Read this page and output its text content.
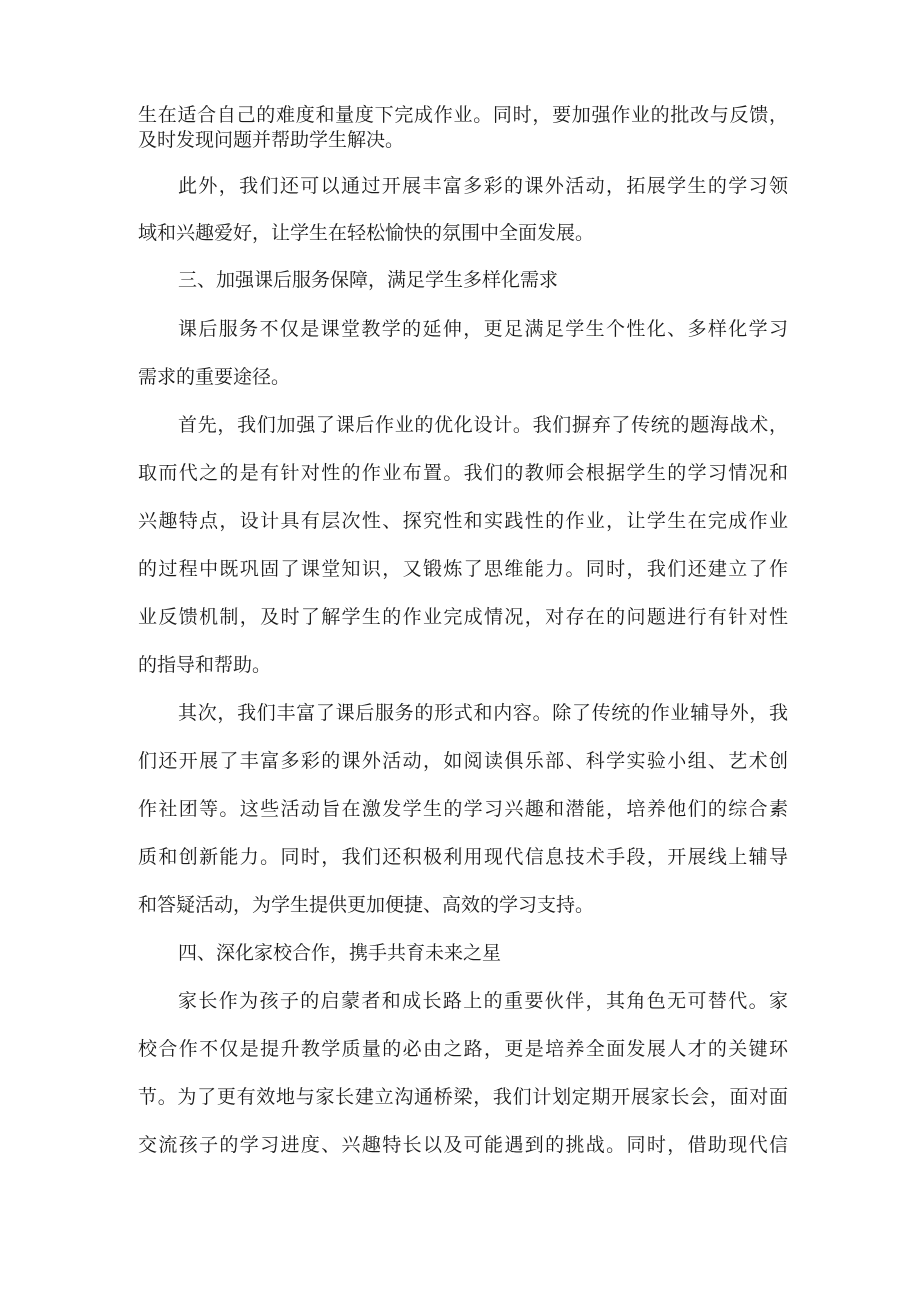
生在适合自己的难度和量度下完成作业。同时，要加强作业的批改与反馈，
及时发现问题并帮助学生解决。
此外，我们还可以通过开展丰富多彩的课外活动，拓展学生的学习领
域和兴趣爱好，让学生在轻松愉快的氛围中全面发展。
三、加强课后服务保障，满足学生多样化需求
课后服务不仅是课堂教学的延伸，更足满足学生个性化、多样化学习
需求的重要途径。
首先，我们加强了课后作业的优化设计。我们摒弃了传统的题海战术，
取而代之的是有针对性的作业布置。我们的教师会根据学生的学习情况和
兴趣特点，设计具有层次性、探究性和实践性的作业，让学生在完成作业
的过程中既巩固了课堂知识，又锻炼了思维能力。同时，我们还建立了作
业反馈机制，及时了解学生的作业完成情况，对存在的问题进行有针对性
的指导和帮助。
其次，我们丰富了课后服务的形式和内容。除了传统的作业辅导外，我
们还开展了丰富多彩的课外活动，如阅读俱乐部、科学实验小组、艺术创
作社团等。这些活动旨在激发学生的学习兴趣和潜能，培养他们的综合素
质和创新能力。同时，我们还积极利用现代信息技术手段，开展线上辅导
和答疑活动，为学生提供更加便捷、高效的学习支持。
四、深化家校合作，携手共育未来之星
家长作为孩子的启蒙者和成长路上的重要伙伴，其角色无可替代。家
校合作不仅是提升教学质量的必由之路，更是培养全面发展人才的关键环
节。为了更有效地与家长建立沟通桥梁，我们计划定期开展家长会，面对面
交流孩子的学习进度、兴趣特长以及可能遇到的挑战。同时，借助现代信
